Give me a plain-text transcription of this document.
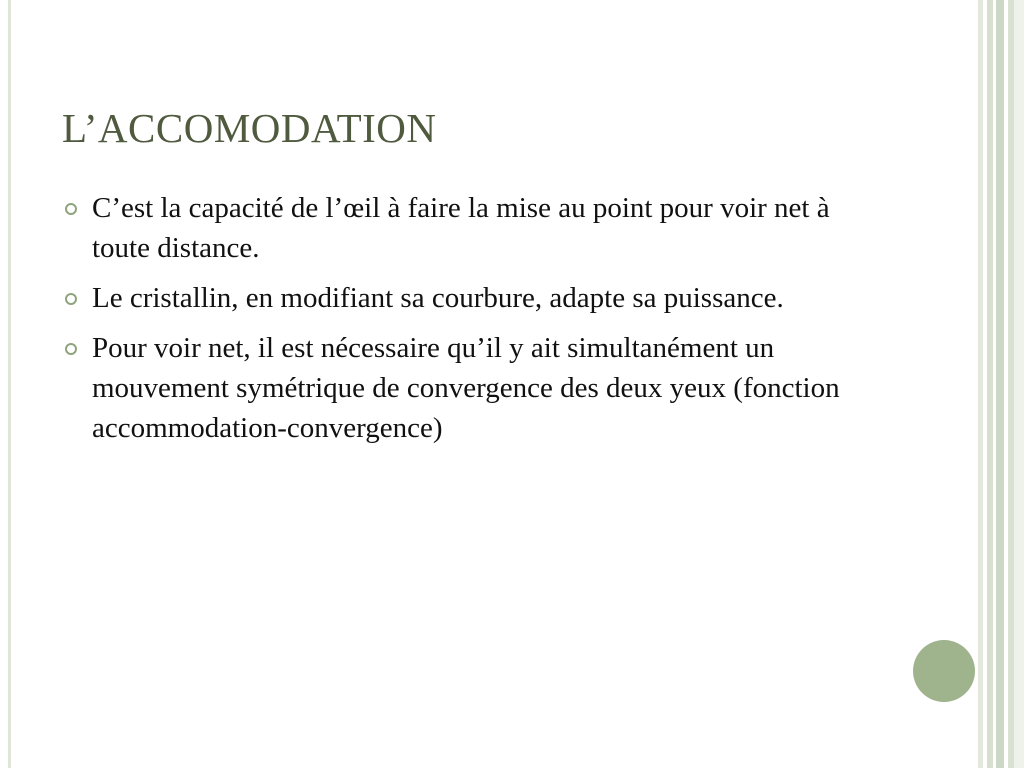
L’ACCOMODATION
C’est la capacité de l’œil à faire la mise au point pour voir net à toute distance.
Le cristallin, en modifiant sa courbure, adapte sa puissance.
Pour voir net, il est nécessaire qu’il y ait simultanément un mouvement symétrique de convergence des deux yeux (fonction accommodation-convergence)
